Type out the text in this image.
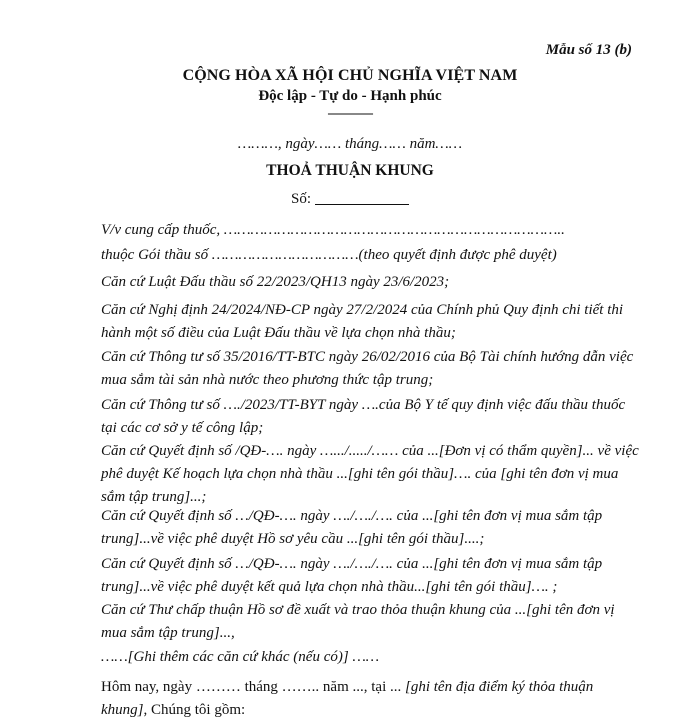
Mẫu số 13 (b)
CỘNG HÒA XÃ HỘI CHỦ NGHĨA VIỆT NAM
Độc lập - Tự do - Hạnh phúc
---------------
………, ngày…… tháng…… năm……
THOẢ THUẬN KHUNG
Số:
V/v cung cấp thuốc, …………………………………………………………………..
thuộc Gói thầu số ……………………………(theo quyết định được phê duyệt)
Căn cứ Luật Đấu thầu số 22/2023/QH13 ngày 23/6/2023;
Căn cứ Nghị định 24/2024/NĐ-CP ngày 27/2/2024 của Chính phủ Quy định chi tiết thi hành một số điều của Luật Đấu thầu về lựa chọn nhà thầu;
Căn cứ Thông tư số 35/2016/TT-BTC ngày 26/02/2016 của Bộ Tài chính hướng dẫn việc mua sắm tài sản nhà nước theo phương thức tập trung;
Căn cứ Thông tư số …./2023/TT-BYT ngày ….của Bộ Y tế quy định việc đấu thầu thuốc tại các cơ sở y tế công lập;
Căn cứ Quyết định số /QĐ-…. ngày ….../...../…… của ...[Đơn vị có thẩm quyền]... về việc phê duyệt Kế hoạch lựa chọn nhà thầu ...[ghi tên gói thầu]…. của [ghi tên đơn vị mua sắm tập trung]...;
Căn cứ Quyết định số …/QĐ-…. ngày …./…./…. của ...[ghi tên đơn vị mua sắm tập trung]...về việc phê duyệt Hồ sơ yêu cầu ...[ghi tên gói thầu]....;
Căn cứ Quyết định số …/QĐ-…. ngày …./…./…. của ...[ghi tên đơn vị mua sắm tập trung]...về việc phê duyệt kết quả lựa chọn nhà thầu...[ghi tên gói thầu]…. ;
Căn cứ Thư chấp thuận Hồ sơ đề xuất và trao thỏa thuận khung của ...[ghi tên đơn vị mua sắm tập trung]...,
……[Ghi thêm các căn cứ khác (nếu có)] ……
Hôm nay, ngày ……… tháng …….. năm ..., tại ... [ghi tên địa điểm ký thỏa thuận khung], Chúng tôi gồm:
